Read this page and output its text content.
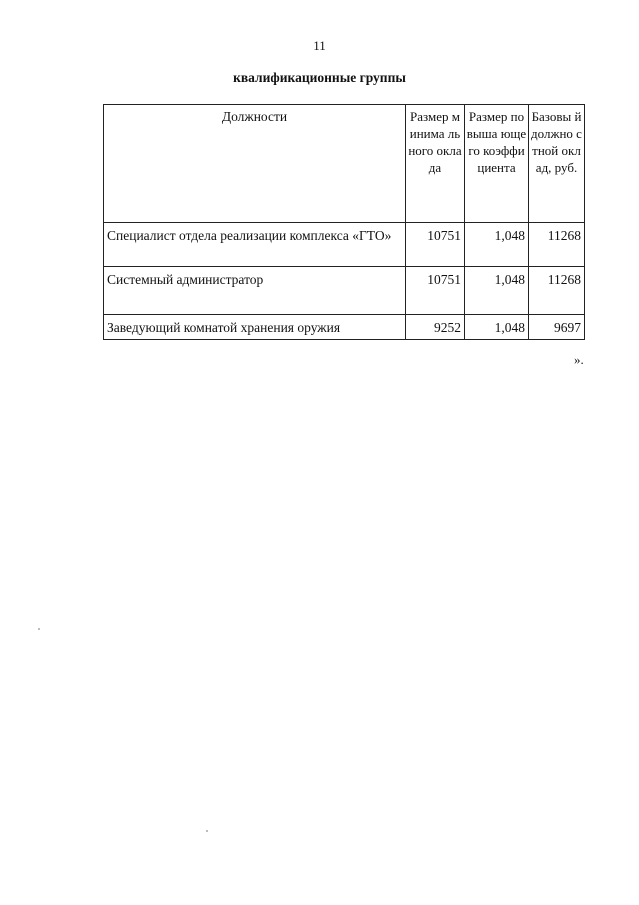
11
квалификационные группы
Должности	Размер минима льного оклада	Размер повыша ющего коэффи циента	Базовы й должно стной оклад, руб.

Специалист отдела реализации комплекса «ГТО»	10751	1,048	11268
Системный администратор	10751	1,048	11268
Заведующий комнатой хранения оружия	9252	1,048	9697
».
